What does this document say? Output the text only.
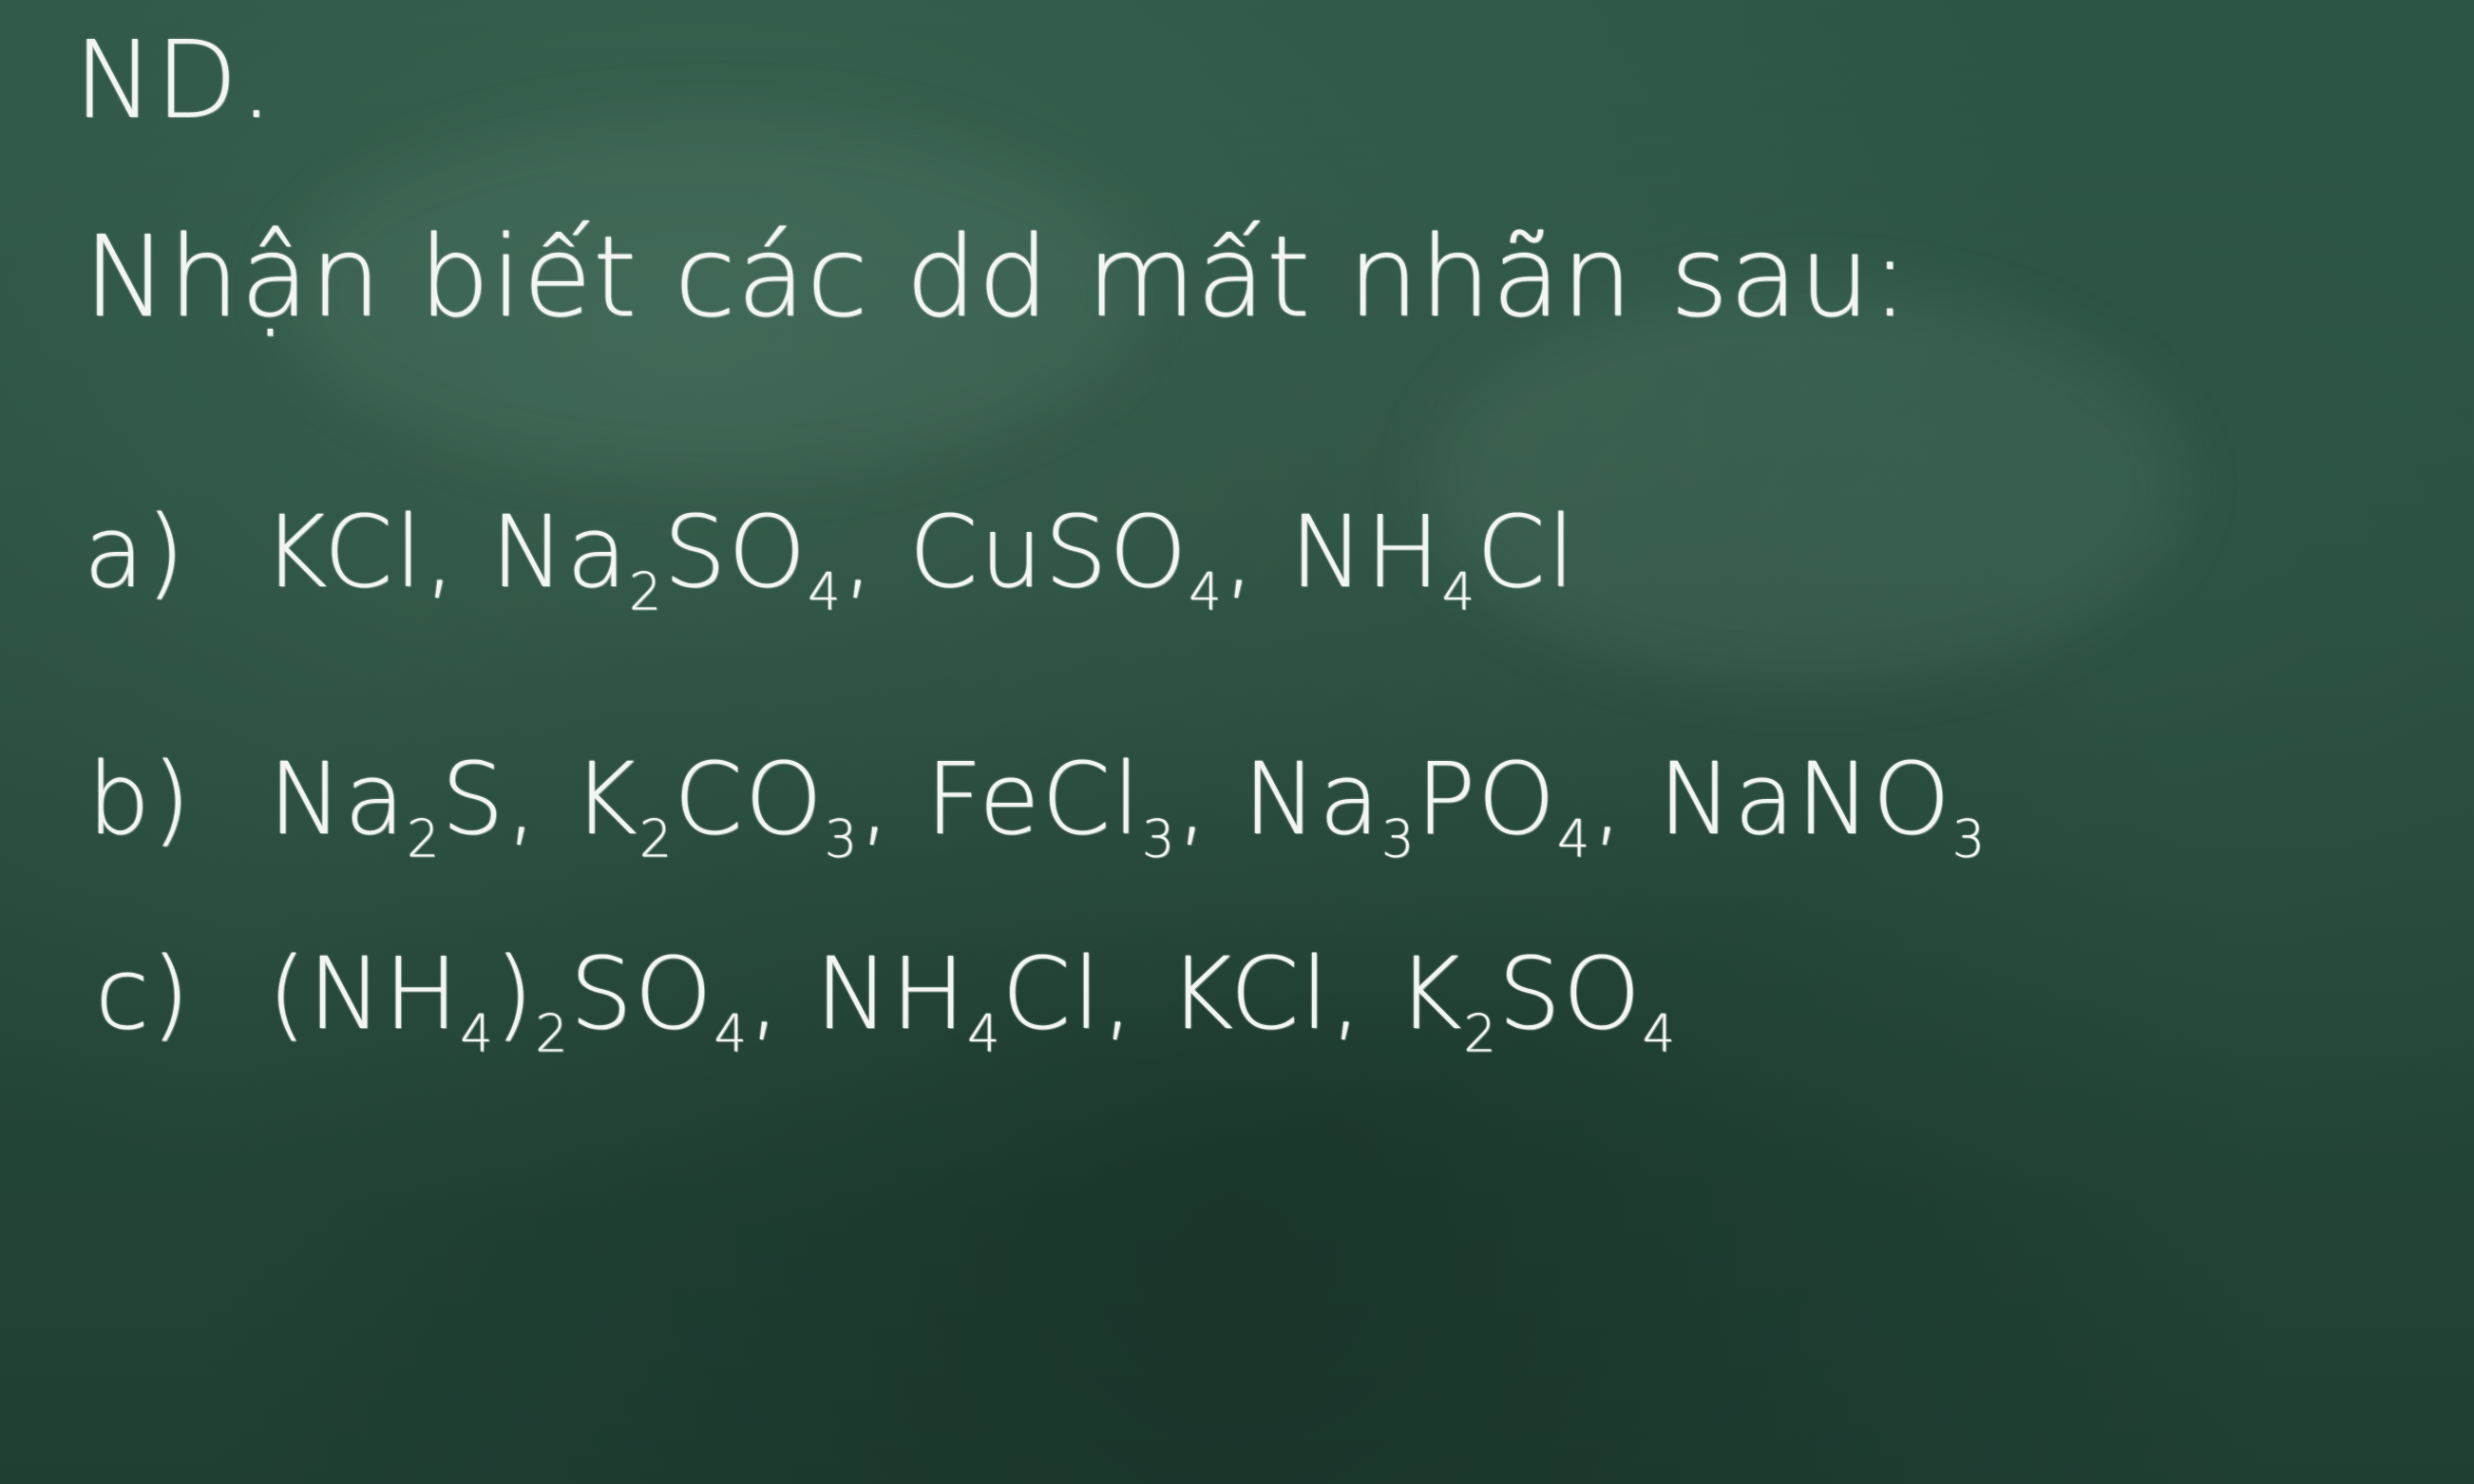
ND.
Nhận biết các dd mất nhãn sau:
a) KCl, $Na_2SO_4$, CuSO$_4$, $NH_4Cl$
b) $Na_2S$, $K_2CO_3$, FeCl$_3$, $Na_3PO_4$, NaNO$_3$
c) $(NH_4)_2SO_4$, $NH_4Cl$, KCl, $K_2SO_4$
